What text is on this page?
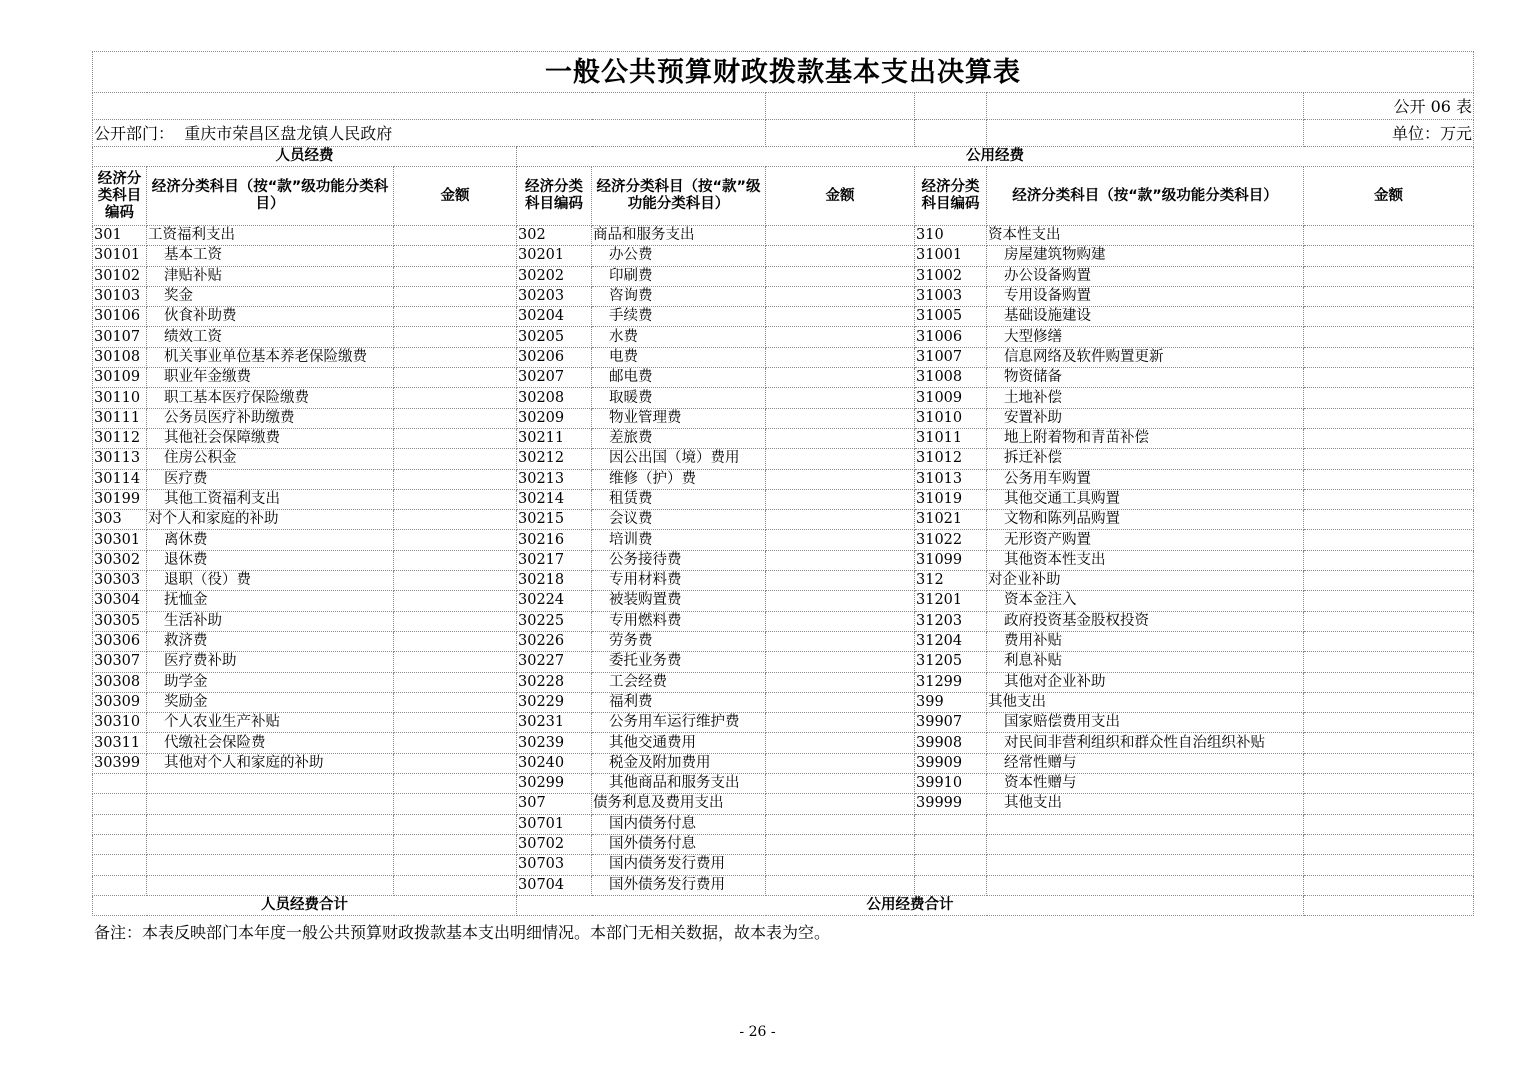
一般公共预算财政拨款基本支出决算表								
								公开 06 表
公开部门： 重庆市荣昌区盘龙镇人民政府								单位：万元
人员经费			公用经费					
经济分类科目编码	经济分类科目（按“款”级功能分类科目）	金额	经济分类科目编码	经济分类科目（按“款”级功能分类科目）	金额	经济分类科目编码	经济分类科目（按“款”级功能分类科目）	金额
301	工资福利支出		302	商品和服务支出		310	资本性支出	
30101	基本工资		30201	办公费		31001	房屋建筑物购建	
30102	津贴补贴		30202	印刷费		31002	办公设备购置	
30103	奖金		30203	咨询费		31003	专用设备购置	
30106	伙食补助费		30204	手续费		31005	基础设施建设	
30107	绩效工资		30205	水费		31006	大型修缮	
30108	机关事业单位基本养老保险缴费		30206	电费		31007	信息网络及软件购置更新	
30109	职业年金缴费		30207	邮电费		31008	物资储备	
30110	职工基本医疗保险缴费		30208	取暖费		31009	土地补偿	
30111	公务员医疗补助缴费		30209	物业管理费		31010	安置补助	
30112	其他社会保障缴费		30211	差旅费		31011	地上附着物和青苗补偿	
30113	住房公积金		30212	因公出国（境）费用		31012	拆迁补偿	
30114	医疗费		30213	维修（护）费		31013	公务用车购置	
30199	其他工资福利支出		30214	租赁费		31019	其他交通工具购置	
303	对个人和家庭的补助		30215	会议费		31021	文物和陈列品购置	
30301	离休费		30216	培训费		31022	无形资产购置	
30302	退休费		30217	公务接待费		31099	其他资本性支出	
30303	退职（役）费		30218	专用材料费		312	对企业补助	
30304	抚恤金		30224	被装购置费		31201	资本金注入	
30305	生活补助		30225	专用燃料费		31203	政府投资基金股权投资	
30306	救济费		30226	劳务费		31204	费用补贴	
30307	医疗费补助		30227	委托业务费		31205	利息补贴	
30308	助学金		30228	工会经费		31299	其他对企业补助	
30309	奖励金		30229	福利费		399	其他支出	
30310	个人农业生产补贴		30231	公务用车运行维护费		39907	国家赔偿费用支出	
30311	代缴社会保险费		30239	其他交通费用		39908	对民间非营利组织和群众性自治组织补贴	
30399	其他对个人和家庭的补助		30240	税金及附加费用		39909	经常性赠与	
			30299	其他商品和服务支出		39910	资本性赠与	
			307	债务利息及费用支出		39999	其他支出	
			30701	国内债务付息				
			30702	国外债务付息				
			30703	国内债务发行费用				
			30704	国外债务发行费用				
人员经费合计			公用经费合计					
备注：本表反映部门本年度一般公共预算财政拨款基本支出明细情况。本部门无相关数据，故本表为空。
- 26 -
